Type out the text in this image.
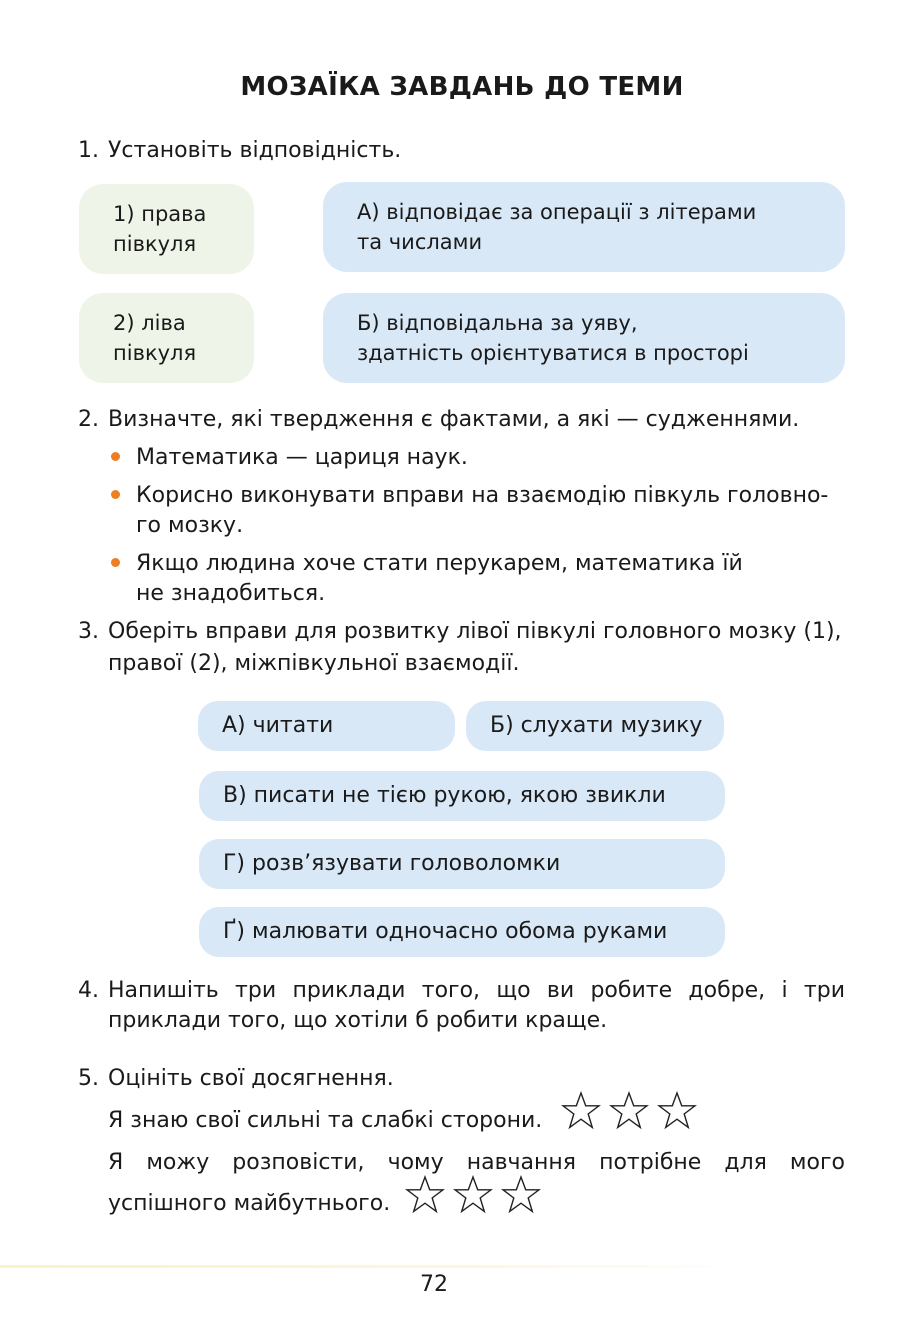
МОЗАЇКА ЗАВДАНЬ ДО ТЕМИ
1. Установіть відповідність.
1) права
півкуля
А) відповідає за операції з літерами
та числами
2) ліва
півкуля
Б) відповідальна за уяву,
здатність орієнтуватися в просторі
2. Визначте, які твердження є фактами, а які — судженнями.
Математика — цариця наук.
Корисно виконувати вправи на взаємодію півкуль головно-
го мозку.
Якщо людина хоче стати перукарем, математика їй
не знадобиться.
3. Оберіть вправи для розвитку лівої півкулі головного мозку (1),
правої (2), міжпівкульної взаємодії.
А) читати	Б) слухати музику
В) писати не тією рукою, якою звикли
Г) розв’язувати головоломки
Ґ) малювати одночасно обома руками
4. Напишіть три приклади того, що ви робите добре, і три
приклади того, що хотіли б робити краще.
5. Оцініть свої досягнення.
Я знаю свої сильні та слабкі сторони.
Я можу розповісти, чому навчання потрібне для мого
успішного майбутнього.
72
